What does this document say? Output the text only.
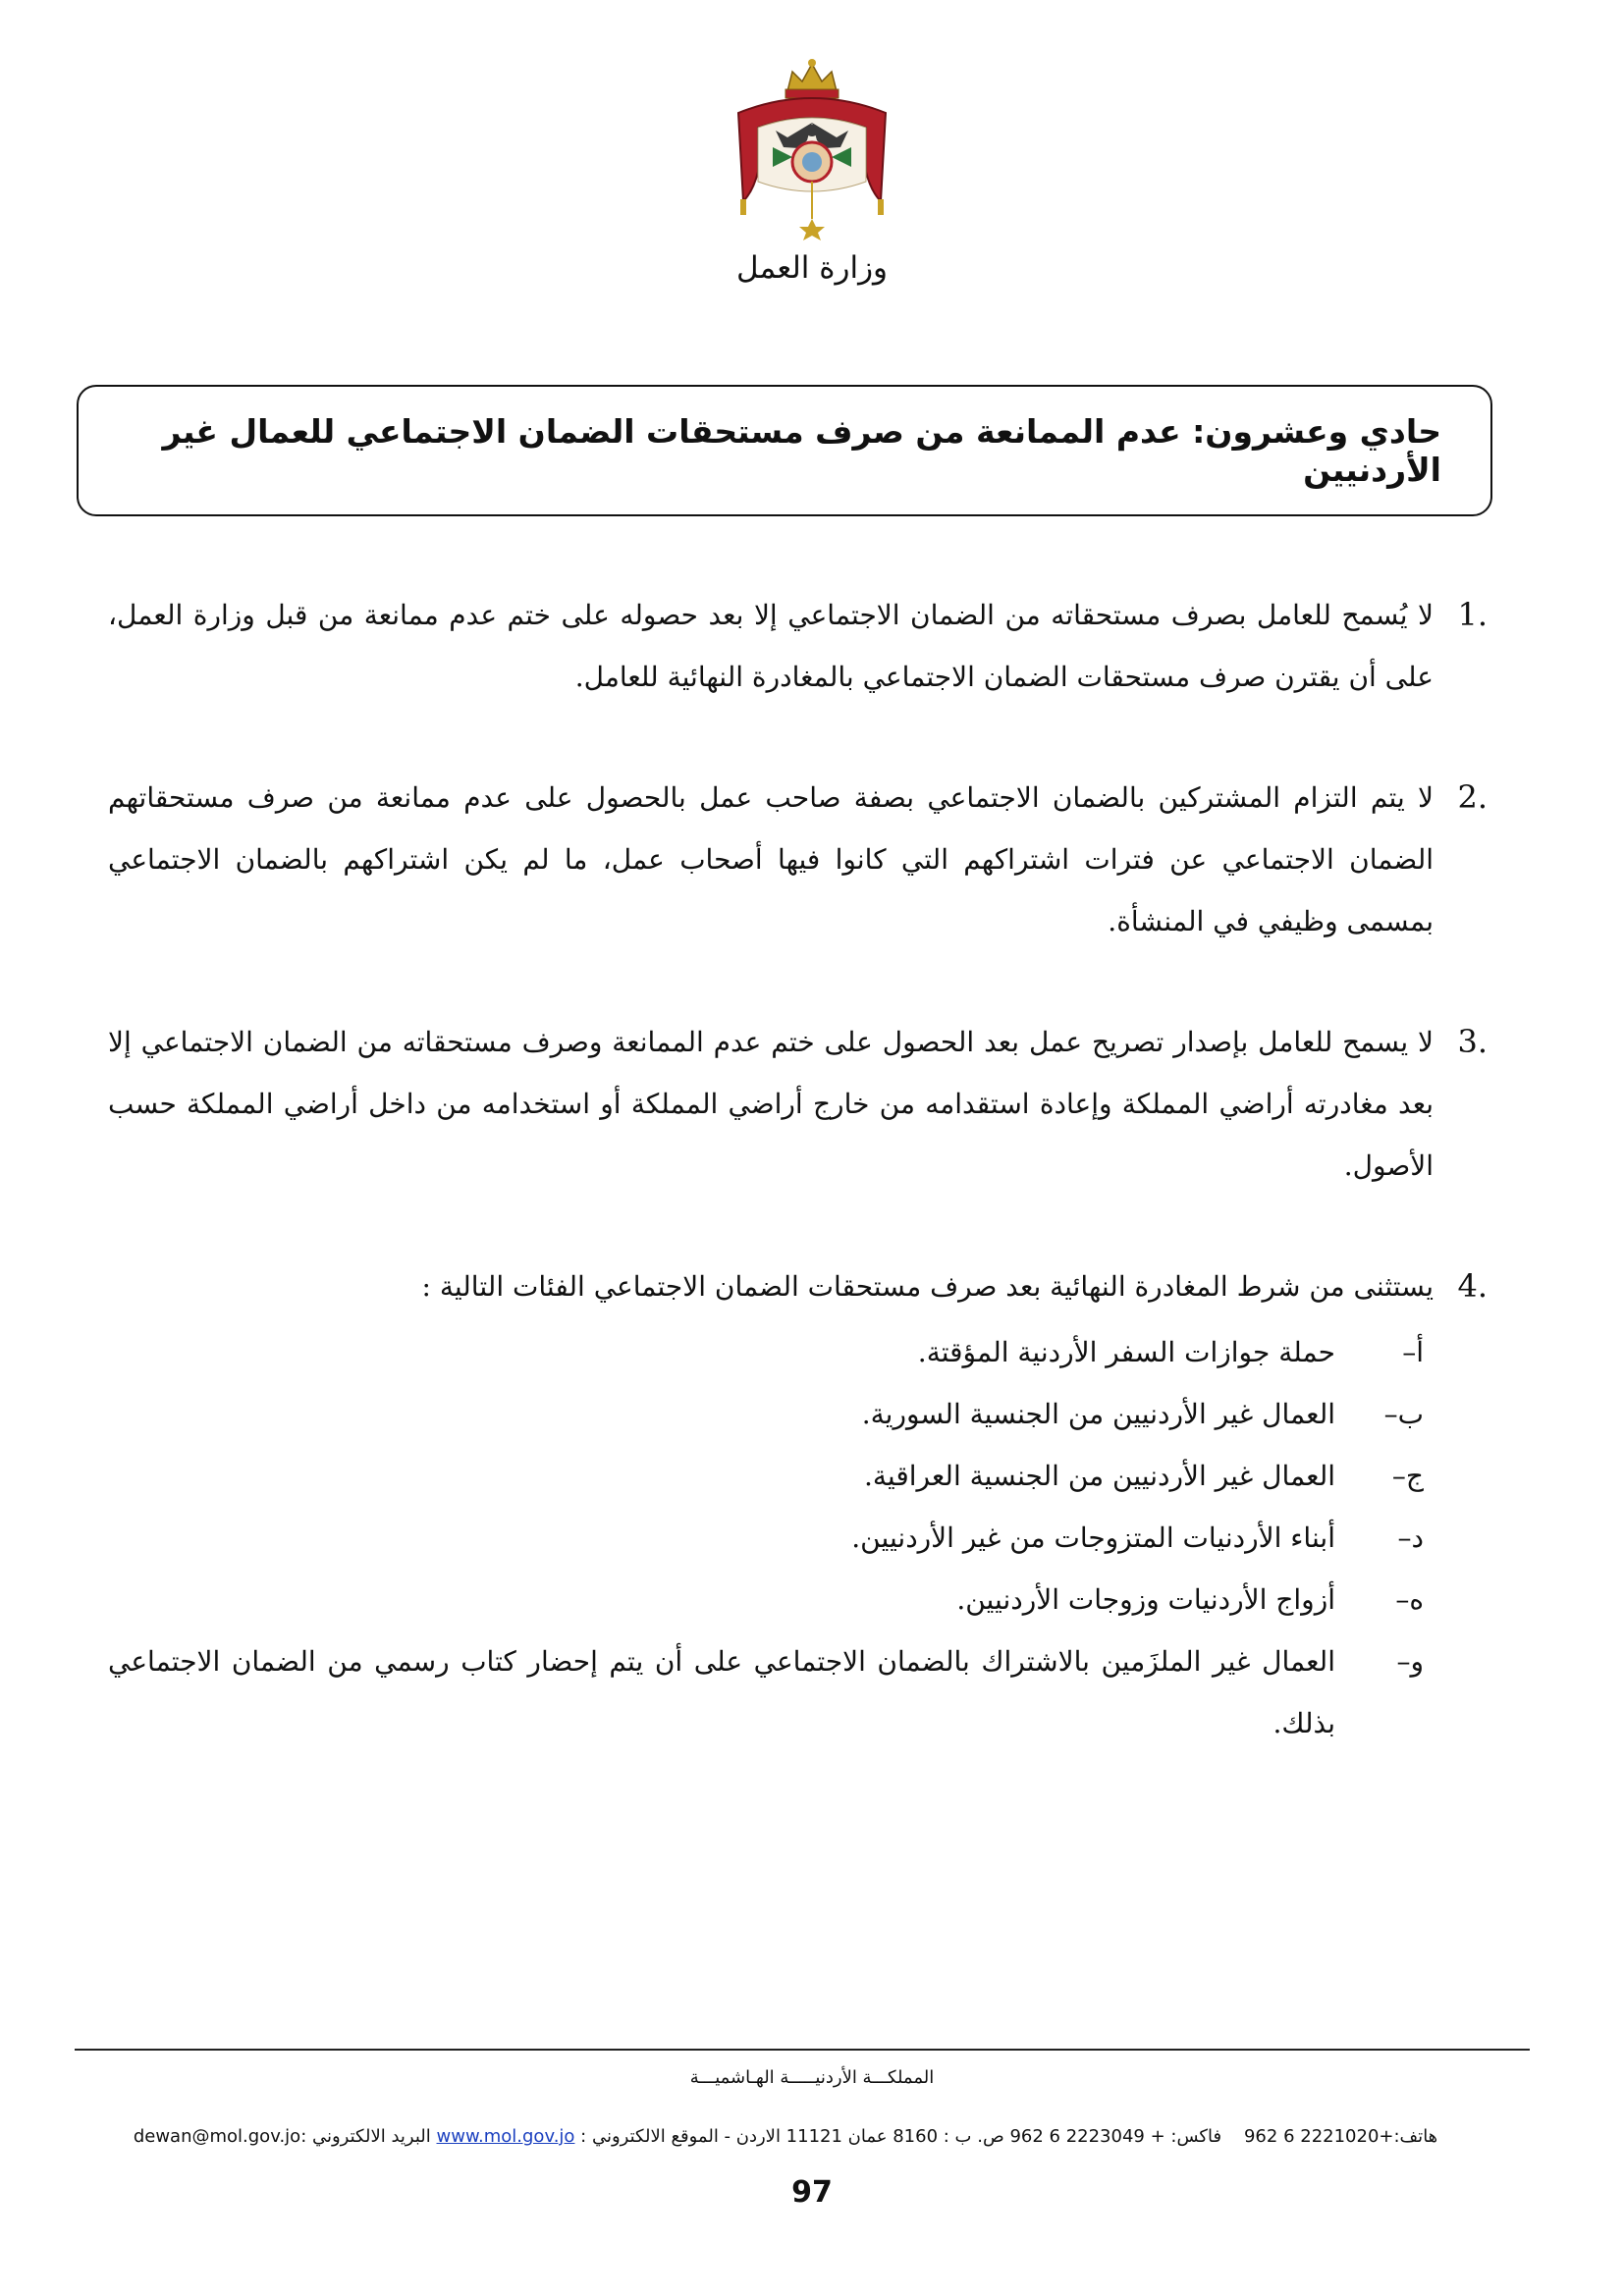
وزارة العمل
حادي وعشرون: عدم الممانعة من صرف مستحقات الضمان الاجتماعي للعمال غير الأردنيين
1.
لا يُسمح للعامل بصرف مستحقاته من الضمان الاجتماعي إلا بعد حصوله على ختم عدم ممانعة من قبل وزارة العمل، على أن يقترن صرف مستحقات الضمان الاجتماعي بالمغادرة النهائية للعامل.
2.
لا يتم التزام المشتركين بالضمان الاجتماعي بصفة صاحب عمل بالحصول على عدم ممانعة من صرف مستحقاتهم الضمان الاجتماعي عن فترات اشتراكهم التي كانوا فيها أصحاب عمل، ما لم يكن اشتراكهم بالضمان الاجتماعي بمسمى وظيفي في المنشأة.
3.
لا يسمح للعامل بإصدار تصريح عمل بعد الحصول على ختم عدم الممانعة وصرف مستحقاته من الضمان الاجتماعي إلا بعد مغادرته أراضي المملكة وإعادة استقدامه من خارج أراضي المملكة أو استخدامه من داخل أراضي المملكة حسب الأصول.
4.
يستثنى من شرط المغادرة النهائية بعد صرف مستحقات الضمان الاجتماعي الفئات التالية :
أ–
حملة جوازات السفر الأردنية المؤقتة.
ب–
العمال غير الأردنيين من الجنسية السورية.
ج–
العمال غير الأردنيين من الجنسية العراقية.
د–
أبناء الأردنيات المتزوجات من غير الأردنيين.
ه–
أزواج الأردنيات وزوجات الأردنيين.
و–
العمال غير الملزَمين بالاشتراك بالضمان الاجتماعي على أن يتم إحضار كتاب رسمي من الضمان الاجتماعي بذلك.
المملكـــة الأردنيـــــة الهـاشميـــة
هاتف:+962 6 2221020    فاكس: + 962 6 2223049 ص. ب : 8160 عمان 11121 الاردن - الموقع الالكتروني : www.mol.gov.jo البريد الالكتروني :dewan@mol.gov.jo
97
